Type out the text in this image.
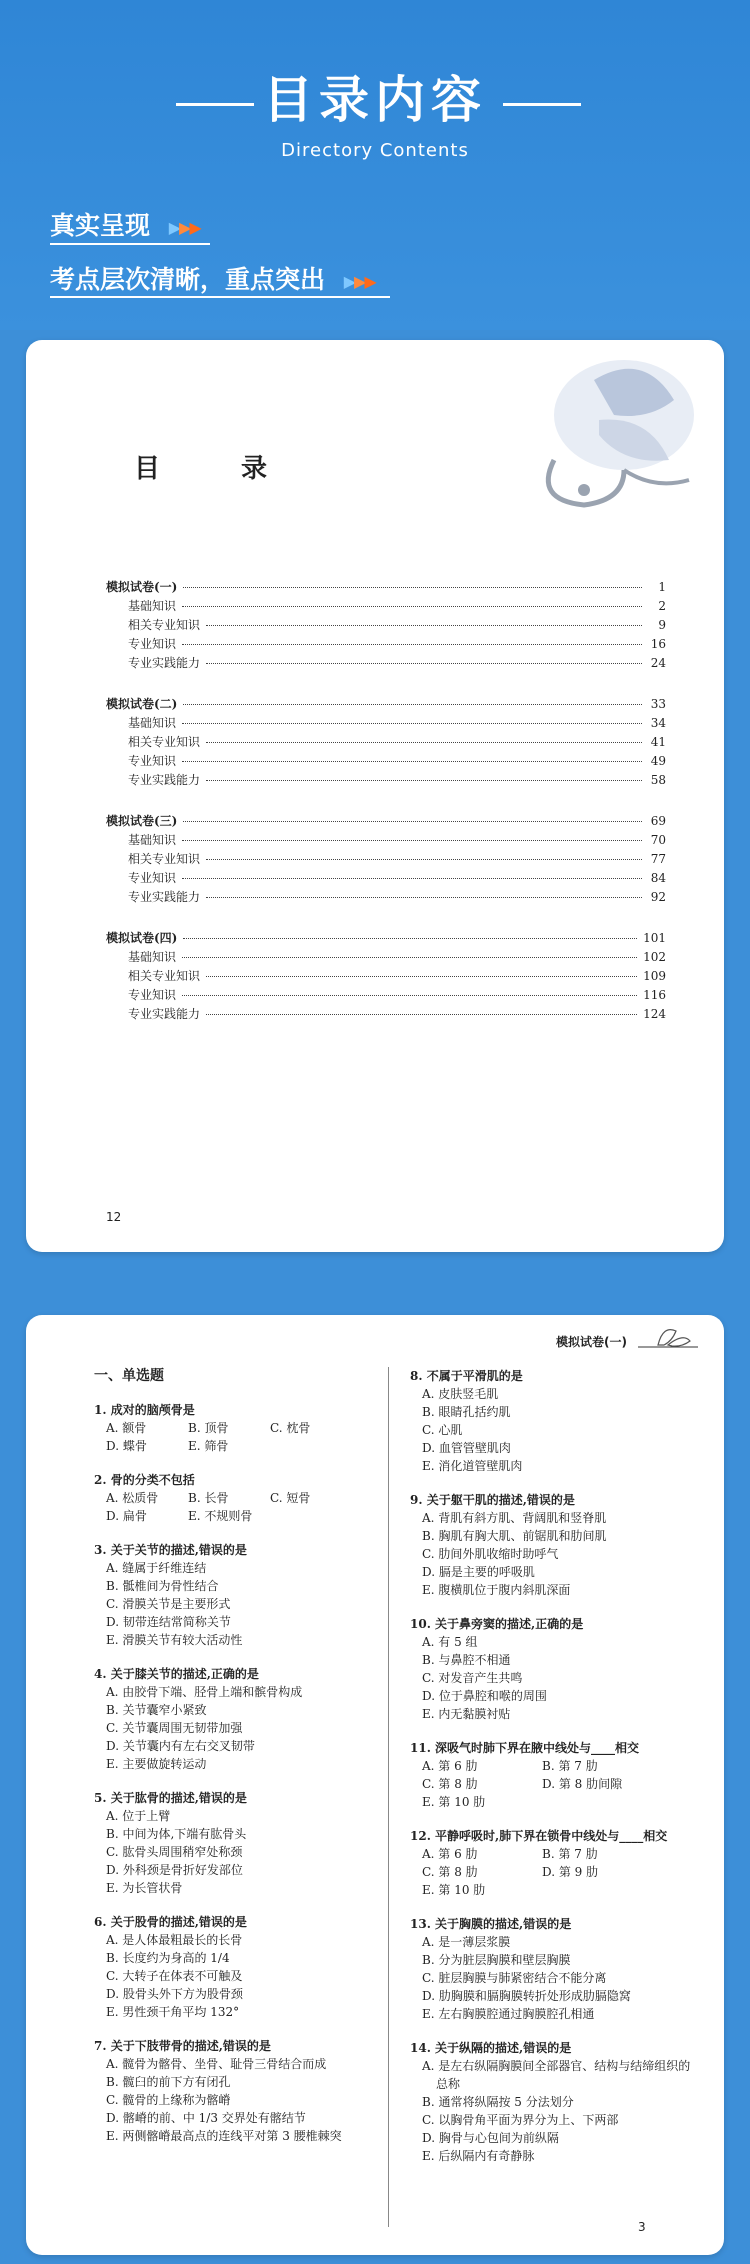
目录内容
Directory Contents
真实呈现 ▶▶▶
考点层次清晰，重点突出 ▶▶▶
目 录
模拟试卷(一)	1
基础知识	2
相关专业知识	9
专业知识	16
专业实践能力	24
模拟试卷(二)	33
基础知识	34
相关专业知识	41
专业知识	49
专业实践能力	58
模拟试卷(三)	69
基础知识	70
相关专业知识	77
专业知识	84
专业实践能力	92
模拟试卷(四)	101
基础知识	102
相关专业知识	109
专业知识	116
专业实践能力	124
12
模拟试卷(一)
一、单选题
1. 成对的脑颅骨是
A. 额骨	B. 顶骨	C. 枕骨
D. 蝶骨	E. 筛骨
2. 骨的分类不包括
A. 松质骨	B. 长骨	C. 短骨
D. 扁骨	E. 不规则骨
3. 关于关节的描述,错误的是
A. 缝属于纤维连结
B. 骶椎间为骨性结合
C. 滑膜关节是主要形式
D. 韧带连结常简称关节
E. 滑膜关节有较大活动性
4. 关于膝关节的描述,正确的是
A. 由胶骨下端、胫骨上端和髌骨构成
B. 关节囊窄小紧致
C. 关节囊周围无韧带加强
D. 关节囊内有左右交叉韧带
E. 主要做旋转运动
5. 关于肱骨的描述,错误的是
A. 位于上臂
B. 中间为体,下端有肱骨头
C. 肱骨头周围稍窄处称颈
D. 外科颈是骨折好发部位
E. 为长管状骨
6. 关于股骨的描述,错误的是
A. 是人体最粗最长的长骨
B. 长度约为身高的 1/4
C. 大转子在体表不可触及
D. 股骨头外下方为股骨颈
E. 男性颈干角平均 132°
7. 关于下肢带骨的描述,错误的是
A. 髋骨为髂骨、坐骨、耻骨三骨结合而成
B. 髋臼的前下方有闭孔
C. 髋骨的上缘称为髂嵴
D. 髂嵴的前、中 1/3 交界处有髂结节
E. 两侧髂嵴最高点的连线平对第 3 腰椎棘突
8. 不属于平滑肌的是
A. 皮肤竖毛肌
B. 眼睛孔括约肌
C. 心肌
D. 血管管壁肌肉
E. 消化道管壁肌肉
9. 关于躯干肌的描述,错误的是
A. 背肌有斜方肌、背阔肌和竖脊肌
B. 胸肌有胸大肌、前锯肌和肋间肌
C. 肋间外肌收缩时助呼气
D. 膈是主要的呼吸肌
E. 腹横肌位于腹内斜肌深面
10. 关于鼻旁窦的描述,正确的是
A. 有 5 组
B. 与鼻腔不相通
C. 对发音产生共鸣
D. 位于鼻腔和喉的周围
E. 内无黏膜衬贴
11. 深吸气时肺下界在腋中线处与____相交
A. 第 6 肋	B. 第 7 肋
C. 第 8 肋	D. 第 8 肋间隙
E. 第 10 肋
12. 平静呼吸时,肺下界在锁骨中线处与____相交
A. 第 6 肋	B. 第 7 肋
C. 第 8 肋	D. 第 9 肋
E. 第 10 肋
13. 关于胸膜的描述,错误的是
A. 是一薄层浆膜
B. 分为脏层胸膜和壁层胸膜
C. 脏层胸膜与肺紧密结合不能分离
D. 肋胸膜和膈胸膜转折处形成肋膈隐窝
E. 左右胸膜腔通过胸膜腔孔相通
14. 关于纵隔的描述,错误的是
A. 是左右纵隔胸膜间全部器官、结构与结缔组织的总称
B. 通常将纵隔按 5 分法划分
C. 以胸骨角平面为界分为上、下两部
D. 胸骨与心包间为前纵隔
E. 后纵隔内有奇静脉
3
